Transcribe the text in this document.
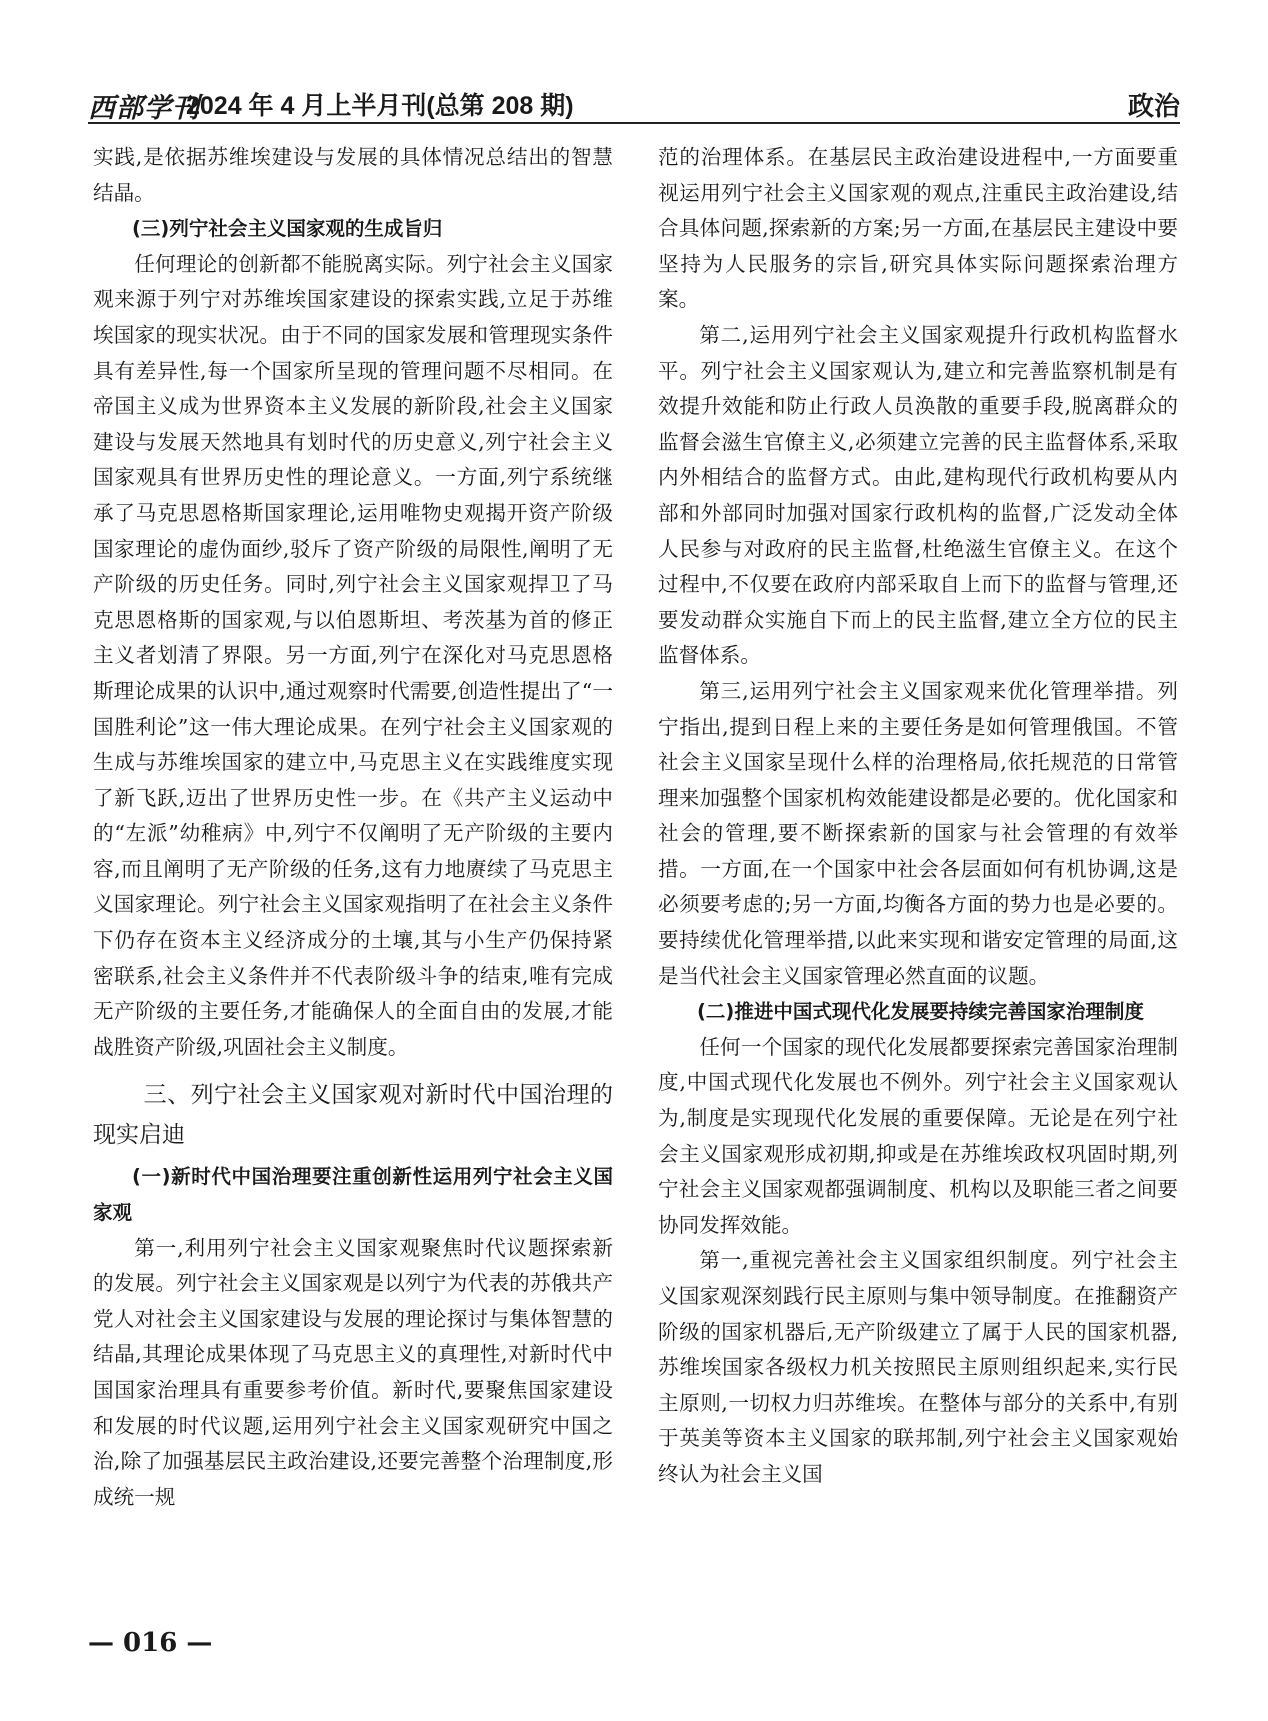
西部学刊
2024 年 4 月上半月刊(总第 208 期)	政治

实践,是依据苏维埃建设与发展的具体情况总结出的智慧结晶。

(三)列宁社会主义国家观的生成旨归

任何理论的创新都不能脱离实际。列宁社会主义国家观来源于列宁对苏维埃国家建设的探索实践,立足于苏维埃国家的现实状况。由于不同的国家发展和管理现实条件具有差异性,每一个国家所呈现的管理问题不尽相同。在帝国主义成为世界资本主义发展的新阶段,社会主义国家建设与发展天然地具有划时代的历史意义,列宁社会主义国家观具有世界历史性的理论意义。一方面,列宁系统继承了马克思恩格斯国家理论,运用唯物史观揭开资产阶级国家理论的虚伪面纱,驳斥了资产阶级的局限性,阐明了无产阶级的历史任务。同时,列宁社会主义国家观捍卫了马克思恩格斯的国家观,与以伯恩斯坦、考茨基为首的修正主义者划清了界限。另一方面,列宁在深化对马克思恩格斯理论成果的认识中,通过观察时代需要,创造性提出了“一国胜利论”这一伟大理论成果。在列宁社会主义国家观的生成与苏维埃国家的建立中,马克思主义在实践维度实现了新飞跃,迈出了世界历史性一步。在《共产主义运动中的“左派”幼稚病》中,列宁不仅阐明了无产阶级的主要内容,而且阐明了无产阶级的任务,这有力地赓续了马克思主义国家理论。列宁社会主义国家观指明了在社会主义条件下仍存在资本主义经济成分的土壤,其与小生产仍保持紧密联系,社会主义条件并不代表阶级斗争的结束,唯有完成无产阶级的主要任务,才能确保人的全面自由的发展,才能战胜资产阶级,巩固社会主义制度。

三、列宁社会主义国家观对新时代中国治理的现实启迪
(一)新时代中国治理要注重创新性运用列宁社会主义国家观

第一,利用列宁社会主义国家观聚焦时代议题探索新的发展。列宁社会主义国家观是以列宁为代表的苏俄共产党人对社会主义国家建设与发展的理论探讨与集体智慧的结晶,其理论成果体现了马克思主义的真理性,对新时代中国国家治理具有重要参考价值。新时代,要聚焦国家建设和发展的时代议题,运用列宁社会主义国家观研究中国之治,除了加强基层民主政治建设,还要完善整个治理制度,形成统一规

范的治理体系。在基层民主政治建设进程中,一方面要重视运用列宁社会主义国家观的观点,注重民主政治建设,结合具体问题,探索新的方案;另一方面,在基层民主建设中要坚持为人民服务的宗旨,研究具体实际问题探索治理方案。

第二,运用列宁社会主义国家观提升行政机构监督水平。列宁社会主义国家观认为,建立和完善监察机制是有效提升效能和防止行政人员涣散的重要手段,脱离群众的监督会滋生官僚主义,必须建立完善的民主监督体系,采取内外相结合的监督方式。由此,建构现代行政机构要从内部和外部同时加强对国家行政机构的监督,广泛发动全体人民参与对政府的民主监督,杜绝滋生官僚主义。在这个过程中,不仅要在政府内部采取自上而下的监督与管理,还要发动群众实施自下而上的民主监督,建立全方位的民主监督体系。

第三,运用列宁社会主义国家观来优化管理举措。列宁指出,提到日程上来的主要任务是如何管理俄国。不管社会主义国家呈现什么样的治理格局,依托规范的日常管理来加强整个国家机构效能建设都是必要的。优化国家和社会的管理,要不断探索新的国家与社会管理的有效举措。一方面,在一个国家中社会各层面如何有机协调,这是必须要考虑的;另一方面,均衡各方面的势力也是必要的。要持续优化管理举措,以此来实现和谐安定管理的局面,这是当代社会主义国家管理必然直面的议题。

(二)推进中国式现代化发展要持续完善国家治理制度

任何一个国家的现代化发展都要探索完善国家治理制度,中国式现代化发展也不例外。列宁社会主义国家观认为,制度是实现现代化发展的重要保障。无论是在列宁社会主义国家观形成初期,抑或是在苏维埃政权巩固时期,列宁社会主义国家观都强调制度、机构以及职能三者之间要协同发挥效能。

第一,重视完善社会主义国家组织制度。列宁社会主义国家观深刻践行民主原则与集中领导制度。在推翻资产阶级的国家机器后,无产阶级建立了属于人民的国家机器,苏维埃国家各级权力机关按照民主原则组织起来,实行民主原则,一切权力归苏维埃。在整体与部分的关系中,有别于英美等资本主义国家的联邦制,列宁社会主义国家观始终认为社会主义国

— 016 —
